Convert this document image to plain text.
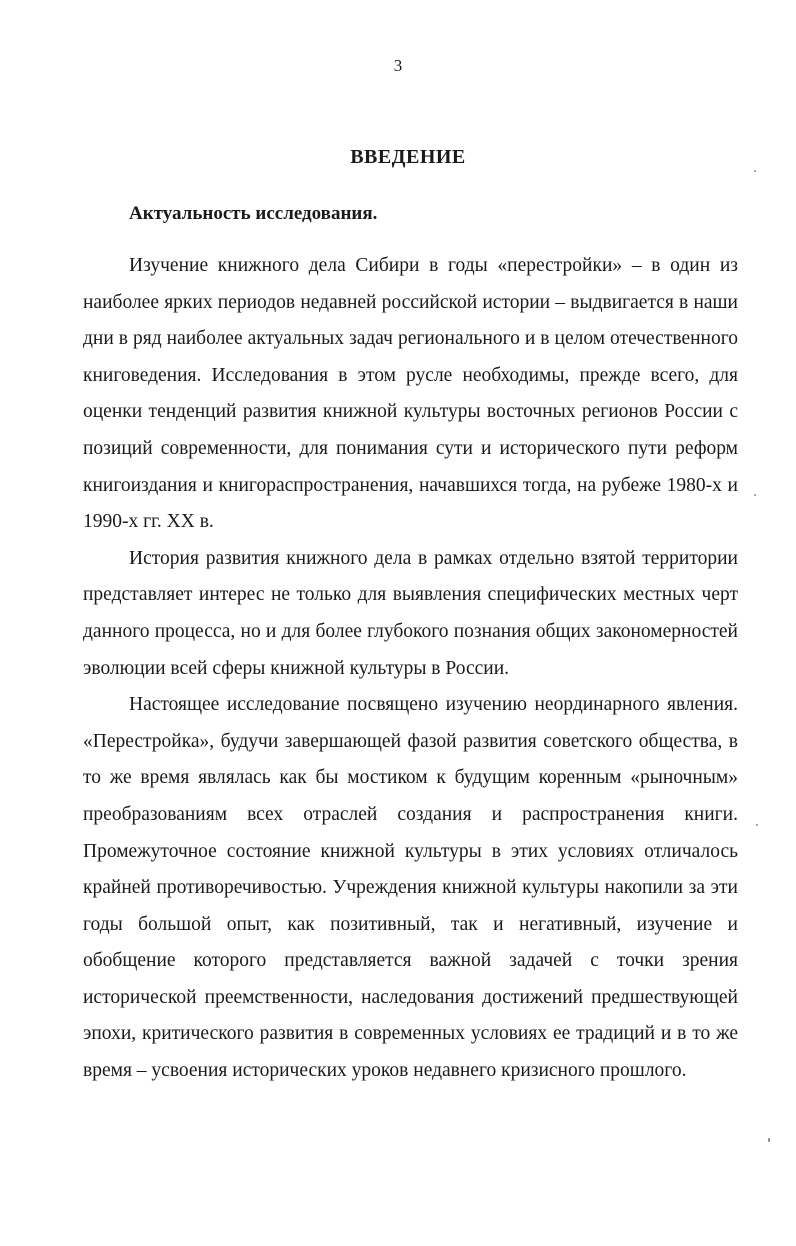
3
ВВЕДЕНИЕ
Актуальность исследования.

Изучение книжного дела Сибири в годы «перестройки» – в один из наиболее ярких периодов недавней российской истории – выдвигается в наши дни в ряд наиболее актуальных задач регионального и в целом отечественного книговедения. Исследования в этом русле необходимы, прежде всего, для оценки тенденций развития книжной культуры восточных регионов России с позиций современности, для понимания сути и исторического пути реформ книгоиздания и книгораспространения, начавшихся тогда, на рубеже 1980-х и 1990-х гг. XX в.

История развития книжного дела в рамках отдельно взятой территории представляет интерес не только для выявления специфических местных черт данного процесса, но и для более глубокого познания общих закономерностей эволюции всей сферы книжной культуры в России.

Настоящее исследование посвящено изучению неординарного явления. «Перестройка», будучи завершающей фазой развития советского общества, в то же время являлась как бы мостиком к будущим коренным «рыночным» преобразованиям всех отраслей создания и распространения книги. Промежуточное состояние книжной культуры в этих условиях отличалось крайней противоречивостью. Учреждения книжной культуры накопили за эти годы большой опыт, как позитивный, так и негативный, изучение и обобщение которого представляется важной задачей с точки зрения исторической преемственности, наследования достижений предшествующей эпохи, критического развития в современных условиях ее традиций и в то же время – усвоения исторических уроков недавнего кризисного прошлого.
